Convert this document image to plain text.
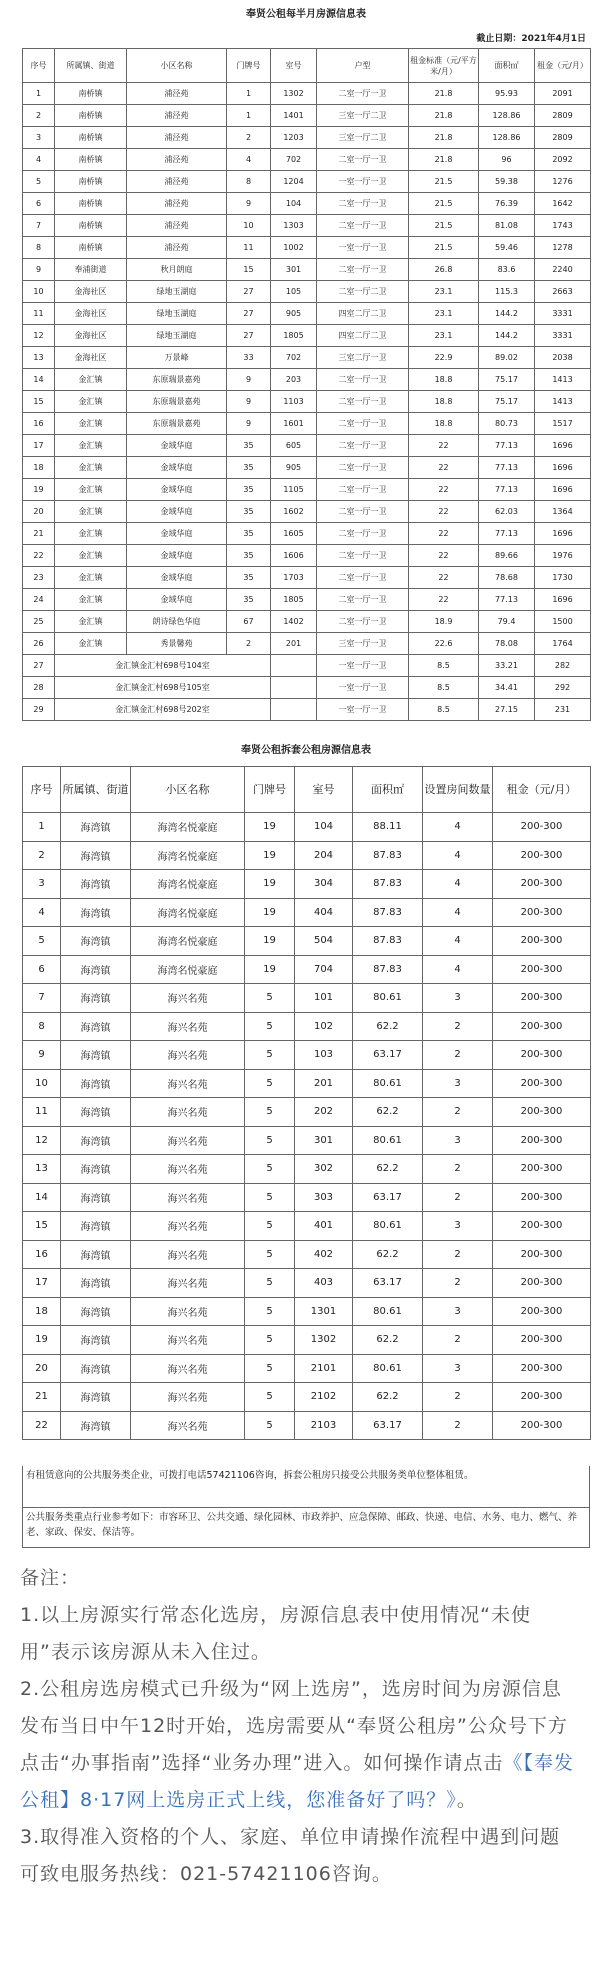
奉贤公租每半月房源信息表
截止日期：2021年4月1日
序号	所属镇、街道	小区名称	门牌号	室号	户型	租金标准（元/平方米/月）	面积㎡	租金（元/月）
1	南桥镇	浦泾苑	1	1302	二室一厅一卫	21.8	95.93	2091
2	南桥镇	浦泾苑	1	1401	三室一厅二卫	21.8	128.86	2809
3	南桥镇	浦泾苑	2	1203	三室一厅二卫	21.8	128.86	2809
4	南桥镇	浦泾苑	4	702	二室一厅一卫	21.8	96	2092
5	南桥镇	浦泾苑	8	1204	一室一厅一卫	21.5	59.38	1276
6	南桥镇	浦泾苑	9	104	二室一厅一卫	21.5	76.39	1642
7	南桥镇	浦泾苑	10	1303	二室一厅一卫	21.5	81.08	1743
8	南桥镇	浦泾苑	11	1002	一室一厅一卫	21.5	59.46	1278
9	奉浦街道	秋月朗庭	15	301	二室一厅一卫	26.8	83.6	2240
10	金海社区	绿地玉湖庭	27	105	二室一厅二卫	23.1	115.3	2663
11	金海社区	绿地玉湖庭	27	905	四室二厅二卫	23.1	144.2	3331
12	金海社区	绿地玉湖庭	27	1805	四室二厅二卫	23.1	144.2	3331
13	金海社区	万景峰	33	702	三室二厅一卫	22.9	89.02	2038
14	金汇镇	东原瑞景嘉苑	9	203	二室一厅一卫	18.8	75.17	1413
15	金汇镇	东原瑞景嘉苑	9	1103	二室一厅一卫	18.8	75.17	1413
16	金汇镇	东原瑞景嘉苑	9	1601	二室一厅一卫	18.8	80.73	1517
17	金汇镇	金域华庭	35	605	二室一厅一卫	22	77.13	1696
18	金汇镇	金域华庭	35	905	二室一厅一卫	22	77.13	1696
19	金汇镇	金域华庭	35	1105	二室一厅一卫	22	77.13	1696
20	金汇镇	金域华庭	35	1602	二室一厅一卫	22	62.03	1364
21	金汇镇	金域华庭	35	1605	二室一厅一卫	22	77.13	1696
22	金汇镇	金域华庭	35	1606	二室一厅一卫	22	89.66	1976
23	金汇镇	金域华庭	35	1703	二室一厅一卫	22	78.68	1730
24	金汇镇	金域华庭	35	1805	二室一厅一卫	22	77.13	1696
25	金汇镇	朗诗绿色华庭	67	1402	二室一厅一卫	18.9	79.4	1500
26	金汇镇	秀景馨苑	2	201	三室一厅一卫	22.6	78.08	1764
27	金汇镇金汇村698号104室				一室一厅一卫	8.5	33.21	282
28	金汇镇金汇村698号105室				一室一厅一卫	8.5	34.41	292
29	金汇镇金汇村698号202室				一室一厅一卫	8.5	27.15	231
奉贤公租拆套公租房源信息表
序号	所属镇、街道	小区名称	门牌号	室号	面积㎡	设置房间数量	租金（元/月）
1	海湾镇	海湾名悦豪庭	19	104	88.11	4	200-300
2	海湾镇	海湾名悦豪庭	19	204	87.83	4	200-300
3	海湾镇	海湾名悦豪庭	19	304	87.83	4	200-300
4	海湾镇	海湾名悦豪庭	19	404	87.83	4	200-300
5	海湾镇	海湾名悦豪庭	19	504	87.83	4	200-300
6	海湾镇	海湾名悦豪庭	19	704	87.83	4	200-300
7	海湾镇	海兴名苑	5	101	80.61	3	200-300
8	海湾镇	海兴名苑	5	102	62.2	2	200-300
9	海湾镇	海兴名苑	5	103	63.17	2	200-300
10	海湾镇	海兴名苑	5	201	80.61	3	200-300
11	海湾镇	海兴名苑	5	202	62.2	2	200-300
12	海湾镇	海兴名苑	5	301	80.61	3	200-300
13	海湾镇	海兴名苑	5	302	62.2	2	200-300
14	海湾镇	海兴名苑	5	303	63.17	2	200-300
15	海湾镇	海兴名苑	5	401	80.61	3	200-300
16	海湾镇	海兴名苑	5	402	62.2	2	200-300
17	海湾镇	海兴名苑	5	403	63.17	2	200-300
18	海湾镇	海兴名苑	5	1301	80.61	3	200-300
19	海湾镇	海兴名苑	5	1302	62.2	2	200-300
20	海湾镇	海兴名苑	5	2101	80.61	3	200-300
21	海湾镇	海兴名苑	5	2102	62.2	2	200-300
22	海湾镇	海兴名苑	5	2103	63.17	2	200-300
有租赁意向的公共服务类企业，可拨打电话57421106咨询，拆套公租房只接受公共服务类单位整体租赁。
公共服务类重点行业参考如下：市容环卫、公共交通、绿化园林、市政养护、应急保障、邮政、快递、电信、水务、电力、燃气、养老、家政、保安、保洁等。

备注：

1.以上房源实行常态化选房，房源信息表中使用情况“未使用”表示该房源从未入住过。

2.公租房选房模式已升级为“网上选房”，选房时间为房源信息发布当日中午12时开始，选房需要从“奉贤公租房”公众号下方点击“办事指南”选择“业务办理”进入。如何操作请点击《【奉发公租】8·17网上选房正式上线，您准备好了吗？》。

3.取得准入资格的个人、家庭、单位申请操作流程中遇到问题可致电服务热线：021-57421106咨询。
